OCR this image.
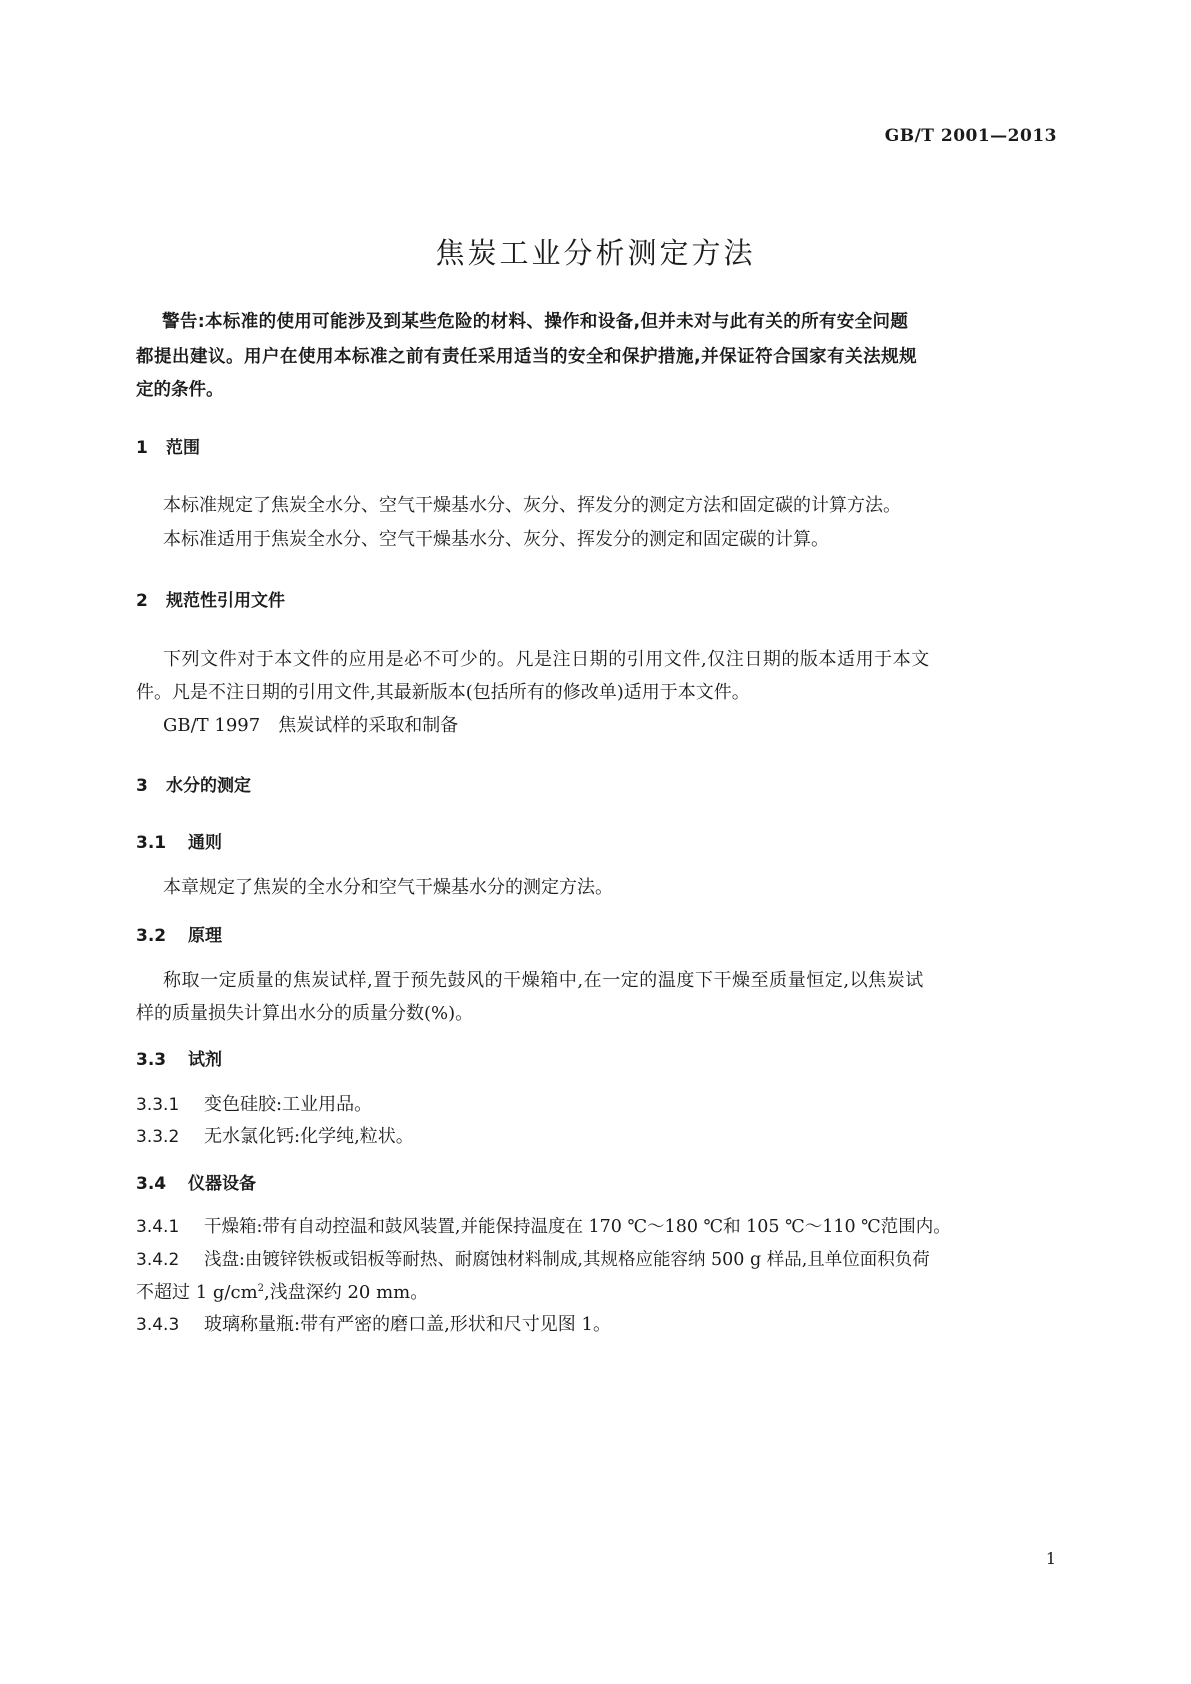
GB/T 2001—2013
焦炭工业分析测定方法
警告:本标准的使用可能涉及到某些危险的材料、操作和设备,但并未对与此有关的所有安全问题
都提出建议。用户在使用本标准之前有责任采用适当的安全和保护措施,并保证符合国家有关法规规
定的条件。
1 范围
本标准规定了焦炭全水分、空气干燥基水分、灰分、挥发分的测定方法和固定碳的计算方法。
本标准适用于焦炭全水分、空气干燥基水分、灰分、挥发分的测定和固定碳的计算。
2 规范性引用文件
下列文件对于本文件的应用是必不可少的。凡是注日期的引用文件,仅注日期的版本适用于本文
件。凡是不注日期的引用文件,其最新版本(包括所有的修改单)适用于本文件。
GB/T 1997　焦炭试样的采取和制备
3 水分的测定
3.1 通则
本章规定了焦炭的全水分和空气干燥基水分的测定方法。
3.2 原理
称取一定质量的焦炭试样,置于预先鼓风的干燥箱中,在一定的温度下干燥至质量恒定,以焦炭试
样的质量损失计算出水分的质量分数(%)。
3.3 试剂
3.3.1 变色硅胶:工业用品。
3.3.2 无水氯化钙:化学纯,粒状。
3.4 仪器设备
3.4.1 干燥箱:带有自动控温和鼓风装置,并能保持温度在 170 ℃～180 ℃和 105 ℃～110 ℃范围内。
3.4.2 浅盘:由镀锌铁板或铝板等耐热、耐腐蚀材料制成,其规格应能容纳 500 g 样品,且单位面积负荷
不超过 1 $g/cm^2$,浅盘深约 20 mm。
3.4.3 玻璃称量瓶:带有严密的磨口盖,形状和尺寸见图 1。
1
